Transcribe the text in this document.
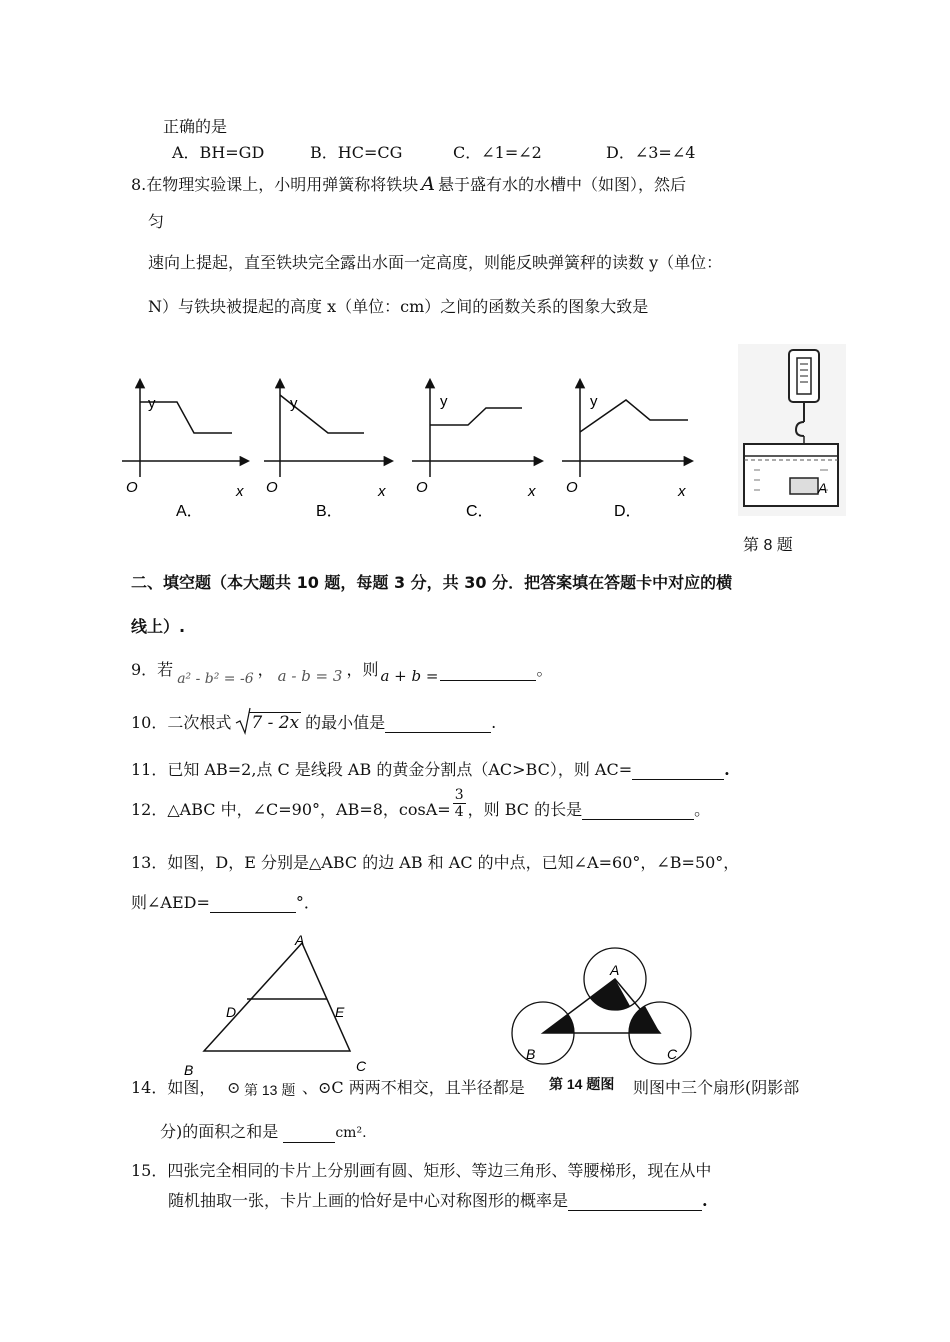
正确的是
A．BH=GD	B．HC=CG	C．∠1=∠2	D．∠3=∠4
8.在物理实验课上，小明用弹簧称将铁块 A 悬于盛有水的水槽中（如图），然后
匀
速向上提起，直至铁块完全露出水面一定高度，则能反映弹簧秤的读数 y（单位：
N）与铁块被提起的高度 x（单位：cm）之间的函数关系的图象大致是
y
O	x
y
O	x
y
O	x
y
O	x
A．	B．	C．	D．
A
第 8 题
二、填空题（本大题共 10 题，每题 3 分，共 30 分．把答案填在答题卡中对应的横
线上）.
9．若 a² - b² = -6 ， a - b = 3 ，则 a + b =	。
10．二次根式 7 - 2x 的最小值是	.
11．已知 AB=2,点 C 是线段 AB 的黄金分割点（AC>BC），则 AC=	.
12．△ABC 中，∠C=90°，AB=8，$\cos A= \frac{3}{4}$ ，则 BC 的长是	。
13．如图，D，E 分别是△ABC 的边 AB 和 AC 的中点，已知∠A=60°，∠B=50°，
则∠AED=	°．
A
D	E
B	C
A
B	C
14．如图， ⊙ 第 13 题 、⊙C 两两不相交，且半径都是 第 14 题图 则图中三个扇形(阴影部
分)的面积之和是	cm².
15．四张完全相同的卡片上分别画有圆、矩形、等边三角形、等腰梯形，现在从中
随机抽取一张，卡片上画的恰好是中心对称图形的概率是	.
